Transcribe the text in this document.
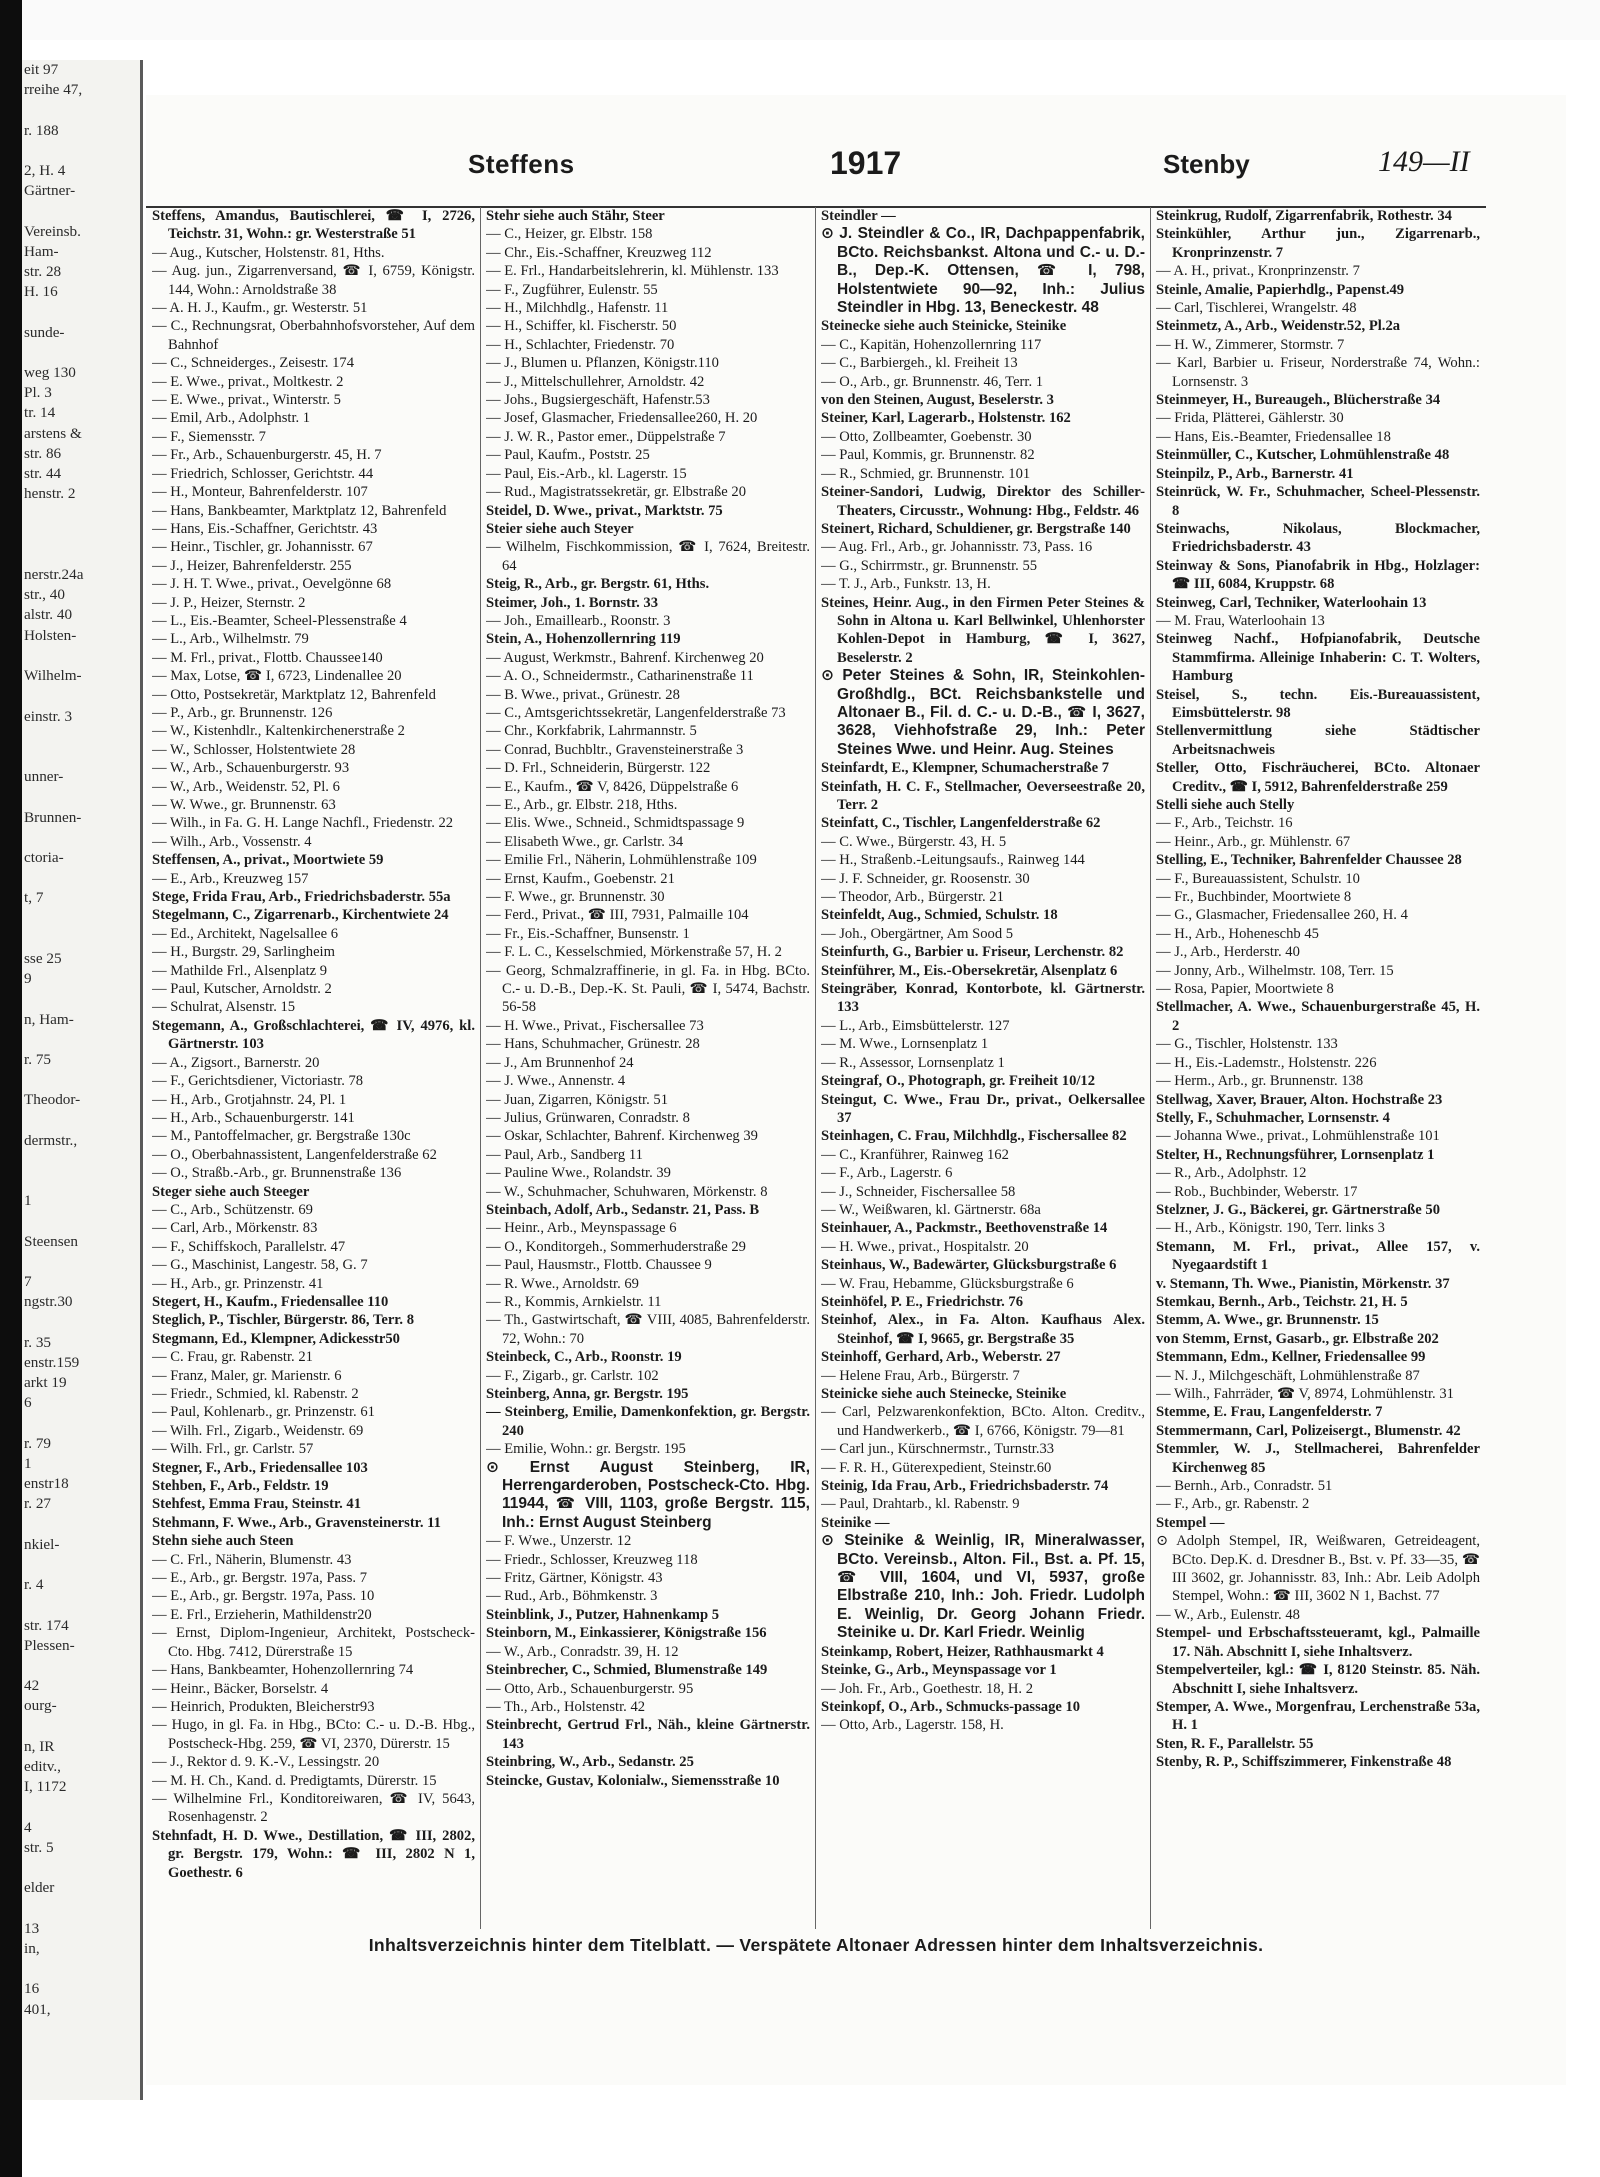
eit 97
rreihe 47,

r. 188

2, H. 4
Gärtner-

Vereinsb.
Ham-
str. 28
H. 16

sunde-

weg 130
Pl. 3
tr. 14
arstens &
str. 86
str. 44
henstr. 2

nerstr.24a
str., 40
alstr. 40
Holsten-

Wilhelm-

einstr. 3

unner-

Brunnen-

ctoria-

t, 7

sse 25
9

n, Ham-

r. 75

Theodor-

dermstr.,

1

Steensen

7
ngstr.30

r. 35
enstr.159
arkt 19
6

r. 79
1
enstr18
r. 27

nkiel-

r. 4

str. 174
Plessen-

42
ourg-

n, IR
editv.,
I, 1172

4
str. 5

elder

13
in,

16
401,
Steffens	1917	Stenby	149—II

Steffens, Amandus, Bautischlerei, ☎ I, 2726, Teichstr. 31, Wohn.: gr. Westerstraße 51

— Aug., Kutscher, Holstenstr. 81, Hths.

— Aug. jun., Zigarrenversand, ☎ I, 6759, Königstr. 144, Wohn.: Arnoldstraße 38

— A. H. J., Kaufm., gr. Westerstr. 51

— C., Rechnungsrat, Oberbahnhofsvorsteher, Auf dem Bahnhof

— C., Schneiderges., Zeisestr. 174

— E. Wwe., privat., Moltkestr. 2

— E. Wwe., privat., Winterstr. 5

— Emil, Arb., Adolphstr. 1

— F., Siemensstr. 7

— Fr., Arb., Schauenburgerstr. 45, H. 7

— Friedrich, Schlosser, Gerichtstr. 44

— H., Monteur, Bahrenfelderstr. 107

— Hans, Bankbeamter, Marktplatz 12, Bahrenfeld

— Hans, Eis.-Schaffner, Gerichtstr. 43

— Heinr., Tischler, gr. Johannisstr. 67

— J., Heizer, Bahrenfelderstr. 255

— J. H. T. Wwe., privat., Oevelgönne 68

— J. P., Heizer, Sternstr. 2

— L., Eis.-Beamter, Scheel-Plessenstraße 4

— L., Arb., Wilhelmstr. 79

— M. Frl., privat., Flottb. Chaussee140

— Max, Lotse, ☎ I, 6723, Lindenallee 20

— Otto, Postsekretär, Marktplatz 12, Bahrenfeld

— P., Arb., gr. Brunnenstr. 126

— W., Kistenhdlr., Kaltenkirchenerstraße 2

— W., Schlosser, Holstentwiete 28

— W., Arb., Schauenburgerstr. 93

— W., Arb., Weidenstr. 52, Pl. 6

— W. Wwe., gr. Brunnenstr. 63

— Wilh., in Fa. G. H. Lange Nachfl., Friedenstr. 22

— Wilh., Arb., Vossenstr. 4

Steffensen, A., privat., Moortwiete 59

— E., Arb., Kreuzweg 157

Stege, Frida Frau, Arb., Friedrichsbaderstr. 55a

Stegelmann, C., Zigarrenarb., Kirchentwiete 24

— Ed., Architekt, Nagelsallee 6

— H., Burgstr. 29, Sarlingheim

— Mathilde Frl., Alsenplatz 9

— Paul, Kutscher, Arnoldstr. 2

— Schulrat, Alsenstr. 15

Stegemann, A., Großschlachterei, ☎ IV, 4976, kl. Gärtnerstr. 103

— A., Zigsort., Barnerstr. 20

— F., Gerichtsdiener, Victoriastr. 78

— H., Arb., Grotjahnstr. 24, Pl. 1

— H., Arb., Schauenburgerstr. 141

— M., Pantoffelmacher, gr. Bergstraße 130c

— O., Oberbahnassistent, Langenfelderstraße 62

— O., Straßb.-Arb., gr. Brunnenstraße 136

Steger siehe auch Steeger

— C., Arb., Schützenstr. 69

— Carl, Arb., Mörkenstr. 83

— F., Schiffskoch, Parallelstr. 47

— G., Maschinist, Langestr. 58, G. 7

— H., Arb., gr. Prinzenstr. 41

Stegert, H., Kaufm., Friedensallee 110

Steglich, P., Tischler, Bürgerstr. 86, Terr. 8

Stegmann, Ed., Klempner, Adickesstr50

— C. Frau, gr. Rabenstr. 21

— Franz, Maler, gr. Marienstr. 6

— Friedr., Schmied, kl. Rabenstr. 2

— Paul, Kohlenarb., gr. Prinzenstr. 61

— Wilh. Frl., Zigarb., Weidenstr. 69

— Wilh. Frl., gr. Carlstr. 57

Stegner, F., Arb., Friedensallee 103

Stehben, F., Arb., Feldstr. 19

Stehfest, Emma Frau, Steinstr. 41

Stehmann, F. Wwe., Arb., Gravensteinerstr. 11

Stehn siehe auch Steen

— C. Frl., Näherin, Blumenstr. 43

— E., Arb., gr. Bergstr. 197a, Pass. 7

— E., Arb., gr. Bergstr. 197a, Pass. 10

— E. Frl., Erzieherin, Mathildenstr20

— Ernst, Diplom-Ingenieur, Architekt, Postscheck-Cto. Hbg. 7412, Dürerstraße 15

— Hans, Bankbeamter, Hohenzollernring 74

— Heinr., Bäcker, Borselstr. 4

— Heinrich, Produkten, Bleicherstr93

— Hugo, in gl. Fa. in Hbg., BCto: C.- u. D.-B. Hbg., Postscheck-Hbg. 259, ☎ VI, 2370, Dürerstr. 15

— J., Rektor d. 9. K.-V., Lessingstr. 20

— M. H. Ch., Kand. d. Predigtamts, Dürerstr. 15

— Wilhelmine Frl., Konditoreiwaren, ☎ IV, 5643, Rosenhagenstr. 2

Stehnfadt, H. D. Wwe., Destillation, ☎ III, 2802, gr. Bergstr. 179, Wohn.: ☎ III, 2802 N 1, Goethestr. 6

Stehr siehe auch Stähr, Steer

— C., Heizer, gr. Elbstr. 158

— Chr., Eis.-Schaffner, Kreuzweg 112

— E. Frl., Handarbeitslehrerin, kl. Mühlenstr. 133

— F., Zugführer, Eulenstr. 55

— H., Milchhdlg., Hafenstr. 11

— H., Schiffer, kl. Fischerstr. 50

— H., Schlachter, Friedenstr. 70

— J., Blumen u. Pflanzen, Königstr.110

— J., Mittelschullehrer, Arnoldstr. 42

— Johs., Bugsiergeschäft, Hafenstr.53

— Josef, Glasmacher, Friedensallee260, H. 20

— J. W. R., Pastor emer., Düppelstraße 7

— Paul, Kaufm., Poststr. 25

— Paul, Eis.-Arb., kl. Lagerstr. 15

— Rud., Magistratssekretär, gr. Elbstraße 20

Steidel, D. Wwe., privat., Marktstr. 75

Steier siehe auch Steyer

— Wilhelm, Fischkommission, ☎ I, 7624, Breitestr. 64

Steig, R., Arb., gr. Bergstr. 61, Hths.

Steimer, Joh., 1. Bornstr. 33

— Joh., Emaillearb., Roonstr. 3

Stein, A., Hohenzollernring 119

— August, Werkmstr., Bahrenf. Kirchenweg 20

— A. O., Schneidermstr., Catharinenstraße 11

— B. Wwe., privat., Grünestr. 28

— C., Amtsgerichtssekretär, Langenfelderstraße 73

— Chr., Korkfabrik, Lahrmannstr. 5

— Conrad, Buchbltr., Gravensteinerstraße 3

— D. Frl., Schneiderin, Bürgerstr. 122

— E., Kaufm., ☎ V, 8426, Düppelstraße 6

— E., Arb., gr. Elbstr. 218, Hths.

— Elis. Wwe., Schneid., Schmidtspassage 9

— Elisabeth Wwe., gr. Carlstr. 34

— Emilie Frl., Näherin, Lohmühlenstraße 109

— Ernst, Kaufm., Goebenstr. 21

— F. Wwe., gr. Brunnenstr. 30

— Ferd., Privat., ☎ III, 7931, Palmaille 104

— Fr., Eis.-Schaffner, Bunsenstr. 1

— F. L. C., Kesselschmied, Mörkenstraße 57, H. 2

— Georg, Schmalzraffinerie, in gl. Fa. in Hbg. BCto. C.- u. D.-B., Dep.-K. St. Pauli, ☎ I, 5474, Bachstr. 56-58

— H. Wwe., Privat., Fischersallee 73

— Hans, Schuhmacher, Grünestr. 28

— J., Am Brunnenhof 24

— J. Wwe., Annenstr. 4

— Juan, Zigarren, Königstr. 51

— Julius, Grünwaren, Conradstr. 8

— Oskar, Schlachter, Bahrenf. Kirchenweg 39

— Paul, Arb., Sandberg 11

— Pauline Wwe., Rolandstr. 39

— W., Schuhmacher, Schuhwaren, Mörkenstr. 8

Steinbach, Adolf, Arb., Sedanstr. 21, Pass. B

— Heinr., Arb., Meynspassage 6

— O., Konditorgeh., Sommerhuderstraße 29

— Paul, Hausmstr., Flottb. Chaussee 9

— R. Wwe., Arnoldstr. 69

— R., Kommis, Arnkielstr. 11

— Th., Gastwirtschaft, ☎ VIII, 4085, Bahrenfelderstr. 72, Wohn.: 70

Steinbeck, C., Arb., Roonstr. 19

— F., Zigarb., gr. Carlstr. 102

Steinberg, Anna, gr. Bergstr. 195

— Steinberg, Emilie, Damenkonfektion, gr. Bergstr. 240

— Emilie, Wohn.: gr. Bergstr. 195

⊙ Ernst August Steinberg, IR, Herrengarderoben, Postscheck-Cto. Hbg. 11944, ☎ VIII, 1103, große Bergstr. 115, Inh.: Ernst August Steinberg

— F. Wwe., Unzerstr. 12

— Friedr., Schlosser, Kreuzweg 118

— Fritz, Gärtner, Königstr. 43

— Rud., Arb., Böhmkenstr. 3

Steinblink, J., Putzer, Hahnenkamp 5

Steinborn, M., Einkassierer, Königstraße 156

— W., Arb., Conradstr. 39, H. 12

Steinbrecher, C., Schmied, Blumenstraße 149

— Otto, Arb., Schauenburgerstr. 95

— Th., Arb., Holstenstr. 42

Steinbrecht, Gertrud Frl., Näh., kleine Gärtnerstr. 143

Steinbring, W., Arb., Sedanstr. 25

Steincke, Gustav, Kolonialw., Siemensstraße 10

Steindler —

⊙ J. Steindler & Co., IR, Dachpappenfabrik, BCto. Reichsbankst. Altona und C.- u. D.-B., Dep.-K. Ottensen, ☎ I, 798, Holstentwiete 90—92, Inh.: Julius Steindler in Hbg. 13, Beneckestr. 48

Steinecke siehe auch Steinicke, Steinike

— C., Kapitän, Hohenzollernring 117

— C., Barbiergeh., kl. Freiheit 13

— O., Arb., gr. Brunnenstr. 46, Terr. 1

von den Steinen, August, Beselerstr. 3

Steiner, Karl, Lagerarb., Holstenstr. 162

— Otto, Zollbeamter, Goebenstr. 30

— Paul, Kommis, gr. Brunnenstr. 82

— R., Schmied, gr. Brunnenstr. 101

Steiner-Sandori, Ludwig, Direktor des Schiller-Theaters, Circusstr., Wohnung: Hbg., Feldstr. 46

Steinert, Richard, Schuldiener, gr. Bergstraße 140

— Aug. Frl., Arb., gr. Johannisstr. 73, Pass. 16

— G., Schirrmstr., gr. Brunnenstr. 55

— T. J., Arb., Funkstr. 13, H.

Steines, Heinr. Aug., in den Firmen Peter Steines & Sohn in Altona u. Karl Bellwinkel, Uhlenhorster Kohlen-Depot in Hamburg, ☎ I, 3627, Beselerstr. 2

⊙ Peter Steines & Sohn, IR, Steinkohlen-Großhdlg., BCt. Reichsbankstelle und Altonaer B., Fil. d. C.- u. D.-B., ☎ I, 3627, 3628, Viehhofstraße 29, Inh.: Peter Steines Wwe. und Heinr. Aug. Steines

Steinfardt, E., Klempner, Schumacherstraße 7

Steinfath, H. C. F., Stellmacher, Oeverseestraße 20, Terr. 2

Steinfatt, C., Tischler, Langenfelderstraße 62

— C. Wwe., Bürgerstr. 43, H. 5

— H., Straßenb.-Leitungsaufs., Rainweg 144

— J. F. Schneider, gr. Roosenstr. 30

— Theodor, Arb., Bürgerstr. 21

Steinfeldt, Aug., Schmied, Schulstr. 18

— Joh., Obergärtner, Am Sood 5

Steinfurth, G., Barbier u. Friseur, Lerchenstr. 82

Steinführer, M., Eis.-Obersekretär, Alsenplatz 6

Steingräber, Konrad, Kontorbote, kl. Gärtnerstr. 133

— L., Arb., Eimsbüttelerstr. 127

— M. Wwe., Lornsenplatz 1

— R., Assessor, Lornsenplatz 1

Steingraf, O., Photograph, gr. Freiheit 10/12

Steingut, C. Wwe., Frau Dr., privat., Oelkersallee 37

Steinhagen, C. Frau, Milchhdlg., Fischersallee 82

— C., Kranführer, Rainweg 162

— F., Arb., Lagerstr. 6

— J., Schneider, Fischersallee 58

— W., Weißwaren, kl. Gärtnerstr. 68a

Steinhauer, A., Packmstr., Beethovenstraße 14

— H. Wwe., privat., Hospitalstr. 20

Steinhaus, W., Badewärter, Glücksburgstraße 6

— W. Frau, Hebamme, Glücksburgstraße 6

Steinhöfel, P. E., Friedrichstr. 76

Steinhof, Alex., in Fa. Alton. Kaufhaus Alex. Steinhof, ☎ I, 9665, gr. Bergstraße 35

Steinhoff, Gerhard, Arb., Weberstr. 27

— Helene Frau, Arb., Bürgerstr. 7

Steinicke siehe auch Steinecke, Steinike

— Carl, Pelzwarenkonfektion, BCto. Alton. Creditv., und Handwerkerb., ☎ I, 6766, Königstr. 79—81

— Carl jun., Kürschnermstr., Turnstr.33

— F. R. H., Güterexpedient, Steinstr.60

Steinig, Ida Frau, Arb., Friedrichsbaderstr. 74

— Paul, Drahtarb., kl. Rabenstr. 9

Steinike —

⊙ Steinike & Weinlig, IR, Mineralwasser, BCto. Vereinsb., Alton. Fil., Bst. a. Pf. 15, ☎ VIII, 1604, und VI, 5937, große Elbstraße 210, Inh.: Joh. Friedr. Ludolph E. Weinlig, Dr. Georg Johann Friedr. Steinike u. Dr. Karl Friedr. Weinlig

Steinkamp, Robert, Heizer, Rathhausmarkt 4

Steinke, G., Arb., Meynspassage vor 1

— Joh. Fr., Arb., Goethestr. 18, H. 2

Steinkopf, O., Arb., Schmucks-passage 10

— Otto, Arb., Lagerstr. 158, H.

Steinkrug, Rudolf, Zigarrenfabrik, Rothestr. 34

Steinkühler, Arthur jun., Zigarrenarb., Kronprinzenstr. 7

— A. H., privat., Kronprinzenstr. 7

Steinle, Amalie, Papierhdlg., Papenst.49

— Carl, Tischlerei, Wrangelstr. 48

Steinmetz, A., Arb., Weidenstr.52, Pl.2a

— H. W., Zimmerer, Stormstr. 7

— Karl, Barbier u. Friseur, Norderstraße 74, Wohn.: Lornsenstr. 3

Steinmeyer, H., Bureaugeh., Blücherstraße 34

— Frida, Plätterei, Gählerstr. 30

— Hans, Eis.-Beamter, Friedensallee 18

Steinmüller, C., Kutscher, Lohmühlenstraße 48

Steinpilz, P., Arb., Barnerstr. 41

Steinrück, W. Fr., Schuhmacher, Scheel-Plessenstr. 8

Steinwachs, Nikolaus, Blockmacher, Friedrichsbaderstr. 43

Steinway & Sons, Pianofabrik in Hbg., Holzlager: ☎ III, 6084, Kruppstr. 68

Steinweg, Carl, Techniker, Waterloohain 13

— M. Frau, Waterloohain 13

Steinweg Nachf., Hofpianofabrik, Deutsche Stammfirma. Alleinige Inhaberin: C. T. Wolters, Hamburg

Steisel, S., techn. Eis.-Bureauassistent, Eimsbüttelerstr. 98

Stellenvermittlung siehe Städtischer Arbeitsnachweis

Steller, Otto, Fischräucherei, BCto. Altonaer Creditv., ☎ I, 5912, Bahrenfelderstraße 259

Stelli siehe auch Stelly

— F., Arb., Teichstr. 16

— Heinr., Arb., gr. Mühlenstr. 67

Stelling, E., Techniker, Bahrenfelder Chaussee 28

— F., Bureauassistent, Schulstr. 10

— Fr., Buchbinder, Moortwiete 8

— G., Glasmacher, Friedensallee 260, H. 4

— H., Arb., Hoheneschb 45

— J., Arb., Herderstr. 40

— Jonny, Arb., Wilhelmstr. 108, Terr. 15

— Rosa, Papier, Moortwiete 8

Stellmacher, A. Wwe., Schauenburgerstraße 45, H. 2

— G., Tischler, Holstenstr. 133

— H., Eis.-Lademstr., Holstenstr. 226

— Herm., Arb., gr. Brunnenstr. 138

Stellwag, Xaver, Brauer, Alton. Hochstraße 23

Stelly, F., Schuhmacher, Lornsenstr. 4

— Johanna Wwe., privat., Lohmühlenstraße 101

Stelter, H., Rechnungsführer, Lornsenplatz 1

— R., Arb., Adolphstr. 12

— Rob., Buchbinder, Weberstr. 17

Stelzner, J. G., Bäckerei, gr. Gärtnerstraße 50

— H., Arb., Königstr. 190, Terr. links 3

Stemann, M. Frl., privat., Allee 157, v. Nyegaardstift 1

v. Stemann, Th. Wwe., Pianistin, Mörkenstr. 37

Stemkau, Bernh., Arb., Teichstr. 21, H. 5

Stemm, A. Wwe., gr. Brunnenstr. 15

von Stemm, Ernst, Gasarb., gr. Elbstraße 202

Stemmann, Edm., Kellner, Friedensallee 99

— N. J., Milchgeschäft, Lohmühlenstraße 87

— Wilh., Fahrräder, ☎ V, 8974, Lohmühlenstr. 31

Stemme, E. Frau, Langenfelderstr. 7

Stemmermann, Carl, Polizeisergt., Blumenstr. 42

Stemmler, W. J., Stellmacherei, Bahrenfelder Kirchenweg 85

— Bernh., Arb., Conradstr. 51

— F., Arb., gr. Rabenstr. 2

Stempel —

⊙ Adolph Stempel, IR, Weißwaren, Getreideagent, BCto. Dep.K. d. Dresdner B., Bst. v. Pf. 33—35, ☎ III 3602, gr. Johannisstr. 83, Inh.: Abr. Leib Adolph Stempel, Wohn.: ☎ III, 3602 N 1, Bachst. 77

— W., Arb., Eulenstr. 48

Stempel- und Erbschaftssteueramt, kgl., Palmaille 17. Näh. Abschnitt I, siehe Inhaltsverz.

Stempelverteiler, kgl.: ☎ I, 8120 Steinstr. 85. Näh. Abschnitt I, siehe Inhaltsverz.

Stemper, A. Wwe., Morgenfrau, Lerchenstraße 53a, H. 1

Sten, R. F., Parallelstr. 55

Stenby, R. P., Schiffszimmerer, Finkenstraße 48

Inhaltsverzeichnis hinter dem Titelblatt. — Verspätete Altonaer Adressen hinter dem Inhaltsverzeichnis.
